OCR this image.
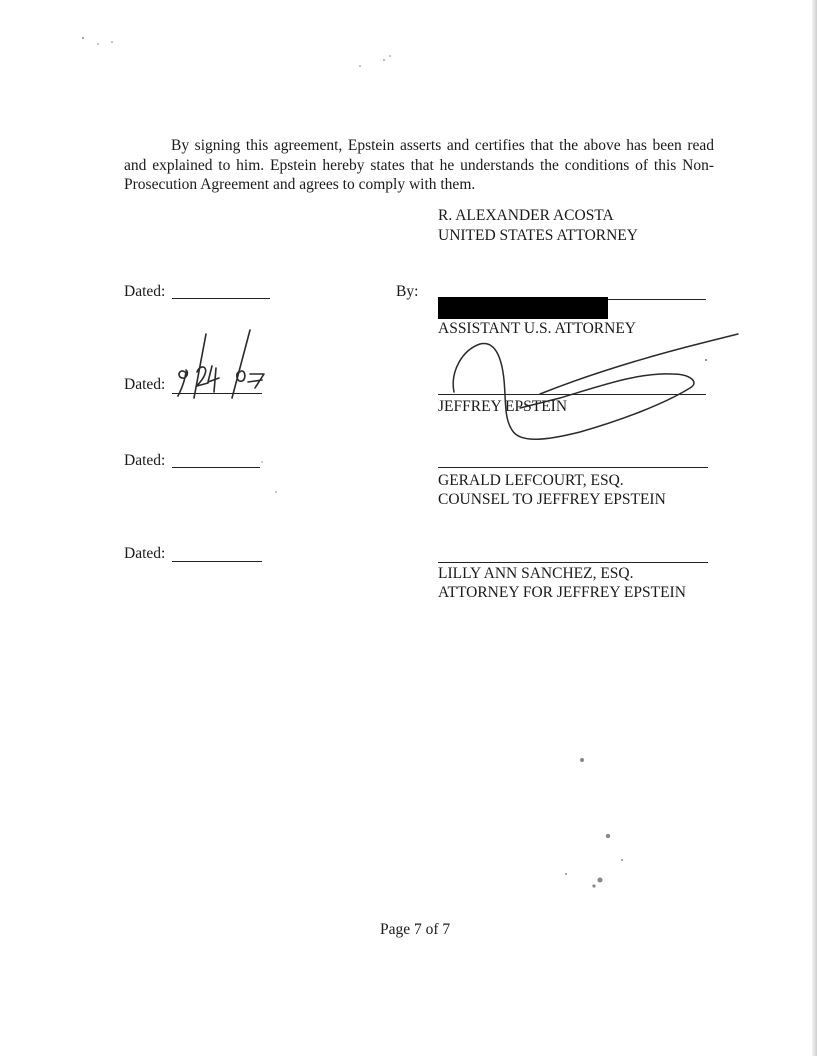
By signing this agreement, Epstein asserts and certifies that the above has been read and explained to him. Epstein hereby states that he understands the conditions of this Non-Prosecution Agreement and agrees to comply with them.

R. ALEXANDER ACOSTA
UNITED STATES ATTORNEY
Dated:	By:
ASSISTANT U.S. ATTORNEY
Dated:
JEFFREY EPSTEIN
Dated:
GERALD LEFCOURT, ESQ.
COUNSEL TO JEFFREY EPSTEIN
Dated:
LILLY ANN SANCHEZ, ESQ.
ATTORNEY FOR JEFFREY EPSTEIN
Page 7 of 7
